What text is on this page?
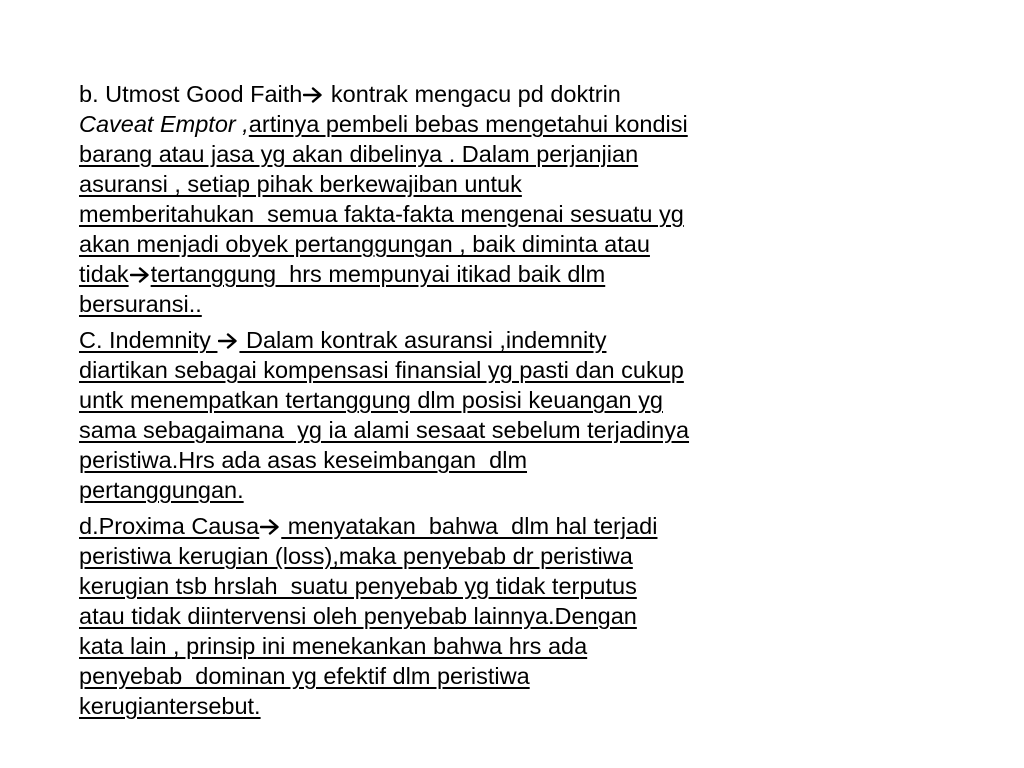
b. Utmost Good Faith
kontrak mengacu pd doktrin
Caveat Emptor ,artinya pembeli bebas mengetahui kondisi
barang atau jasa yg akan dibelinya . Dalam perjanjian
asuransi , setiap pihak berkewajiban untuk
memberitahukan  semua fakta-fakta mengenai sesuatu yg
akan menjadi obyek pertanggungan , baik diminta atau
tidak tertanggung  hrs mempunyai itikad baik dlm
bersuransi..
C. Indemnity
Dalam kontrak asuransi ,indemnity
diartikan sebagai kompensasi finansial yg pasti dan cukup
untk menempatkan tertanggung dlm posisi keuangan yg
sama sebagaimana  yg ia alami sesaat sebelum terjadinya
peristiwa.Hrs ada asas keseimbangan  dlm
pertanggungan.
d.Proxima Causa
menyatakan  bahwa  dlm hal terjadi
peristiwa kerugian (loss),maka penyebab dr peristiwa
kerugian tsb hrslah  suatu penyebab yg tidak terputus
atau tidak diintervensi oleh penyebab lainnya.Dengan
kata lain , prinsip ini menekankan bahwa hrs ada
penyebab  dominan yg efektif dlm peristiwa
kerugiantersebut.
